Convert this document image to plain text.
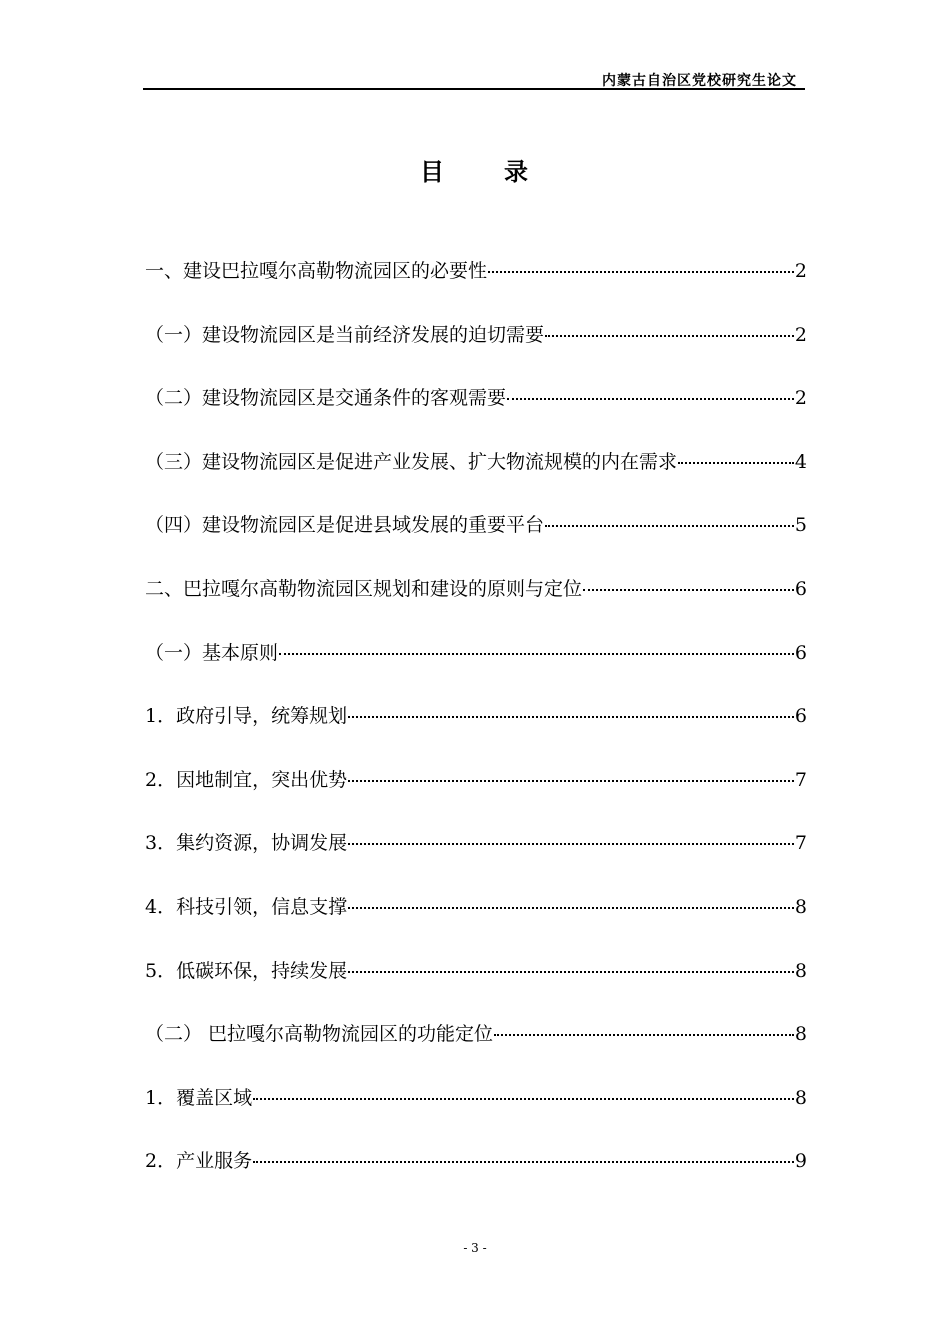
内蒙古自治区党校研究生论文
目 录
一、建设巴拉嘎尔高勒物流园区的必要性	2
（一）建设物流园区是当前经济发展的迫切需要	2
（二）建设物流园区是交通条件的客观需要	2
（三）建设物流园区是促进产业发展、扩大物流规模的内在需求	4
（四）建设物流园区是促进县域发展的重要平台	5
二、巴拉嘎尔高勒物流园区规划和建设的原则与定位	6
（一）基本原则	6
1．政府引导，统筹规划	6
2．因地制宜，突出优势	7
3．集约资源，协调发展	7
4．科技引领，信息支撑	8
5．低碳环保，持续发展	8
（二） 巴拉嘎尔高勒物流园区的功能定位	8
1．覆盖区域	8
2．产业服务	9
- 3 -
